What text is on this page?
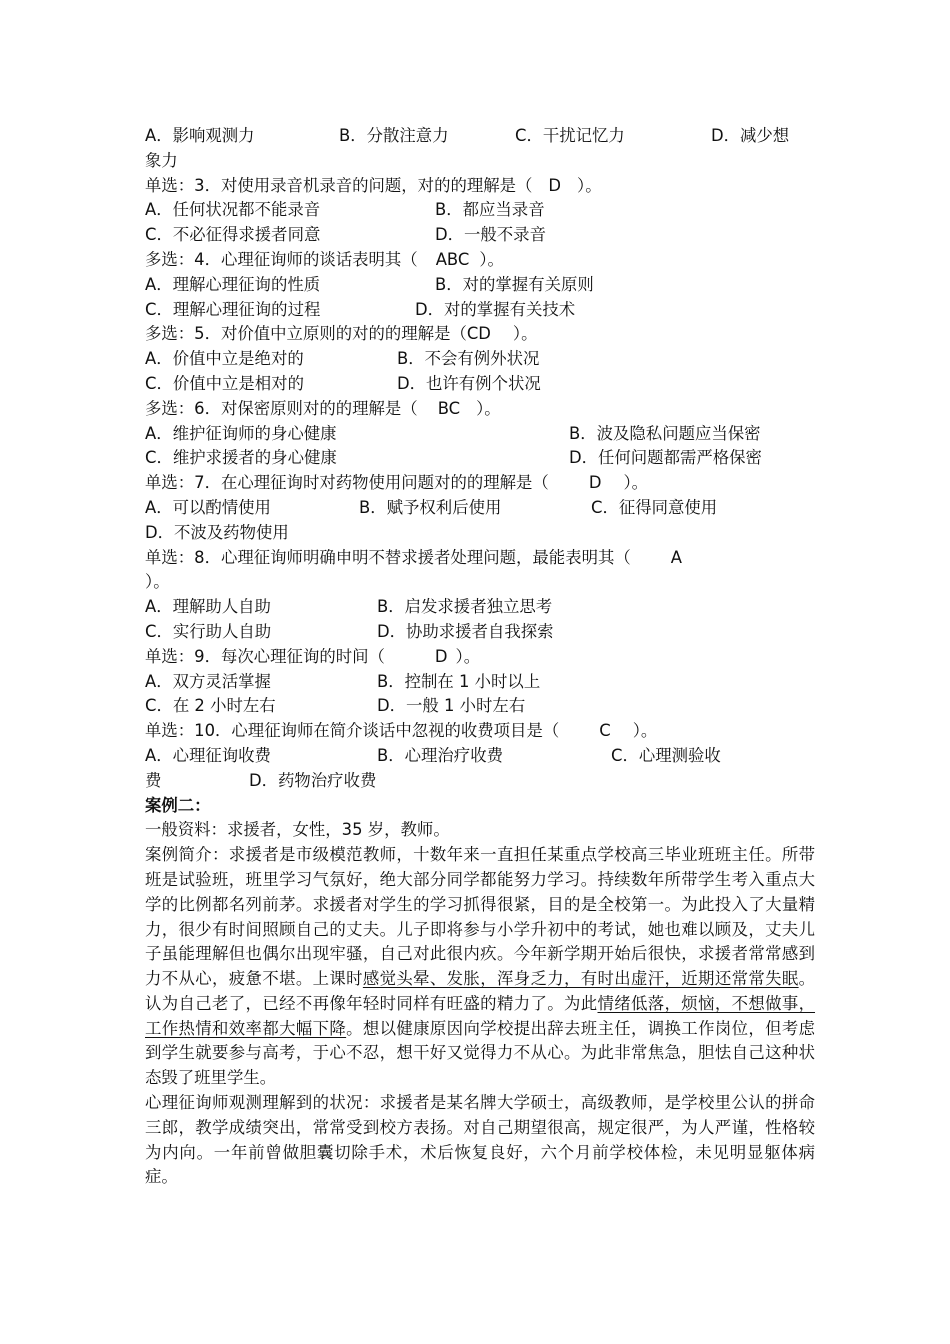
A．影响观测力	B．分散注意力	C．干扰记忆力	D．减少想
象力
单选：3．对使用录音机录音的问题，对的的理解是（ D ）。
A．任何状况都不能录音	B．都应当录音
C．不必征得求援者同意	D．一般不录音
多选：4．心理征询师的谈话表明其（ ABC ）。
A．理解心理征询的性质	B．对的掌握有关原则
C．理解心理征询的过程	D．对的掌握有关技术
多选：5．对价值中立原则的对的的理解是（CD ）。
A．价值中立是绝对的	B．不会有例外状况
C．价值中立是相对的	D．也许有例个状况
多选：6．对保密原则对的的理解是（ BC ）。
A．维护征询师的身心健康	B．波及隐私问题应当保密
C．维护求援者的身心健康	D．任何问题都需严格保密
单选：7．在心理征询时对药物使用问题对的的理解是（ D ）。
A．可以酌情使用	B．赋予权利后使用	C．征得同意使用
D．不波及药物使用
单选：8．心理征询师明确申明不替求援者处理问题，最能表明其（ A
）。
A．理解助人自助	B．启发求援者独立思考
C．实行助人自助	D．协助求援者自我探索
单选：9．每次心理征询的时间（	D ）。
A．双方灵活掌握	B．控制在 1 小时以上
C．在 2 小时左右	D．一般 1 小时左右
单选：10．心理征询师在简介谈话中忽视的收费项目是（ C ）。
A．心理征询收费	B．心理治疗收费	C．心理测验收
费	D．药物治疗收费
案例二：
一般资料：求援者，女性，35 岁，教师。
案例简介：求援者是市级模范教师，十数年来一直担任某重点学校高三毕业班班主任。所带班是试验班，班里学习气氛好，绝大部分同学都能努力学习。持续数年所带学生考入重点大学的比例都名列前茅。求援者对学生的学习抓得很紧，目的是全校第一。为此投入了大量精力，很少有时间照顾自己的丈夫。儿子即将参与小学升初中的考试，她也难以顾及，丈夫儿子虽能理解但也偶尔出现牢骚，自己对此很内疚。今年新学期开始后很快，求援者常常感到力不从心，疲惫不堪。上课时感觉头晕、发胀，浑身乏力，有时出虚汗，近期还常常失眠。认为自己老了，已经不再像年轻时同样有旺盛的精力了。为此情绪低落，烦恼，不想做事，工作热情和效率都大幅下降。想以健康原因向学校提出辞去班主任，调换工作岗位，但考虑到学生就要参与高考，于心不忍，想干好又觉得力不从心。为此非常焦急，胆怯自己这种状态毁了班里学生。
心理征询师观测理解到的状况：求援者是某名牌大学硕士，高级教师，是学校里公认的拼命三郎，教学成绩突出，常常受到校方表扬。对自己期望很高，规定很严，为人严谨，性格较为内向。一年前曾做胆囊切除手术，术后恢复良好，六个月前学校体检，未见明显躯体病症。
